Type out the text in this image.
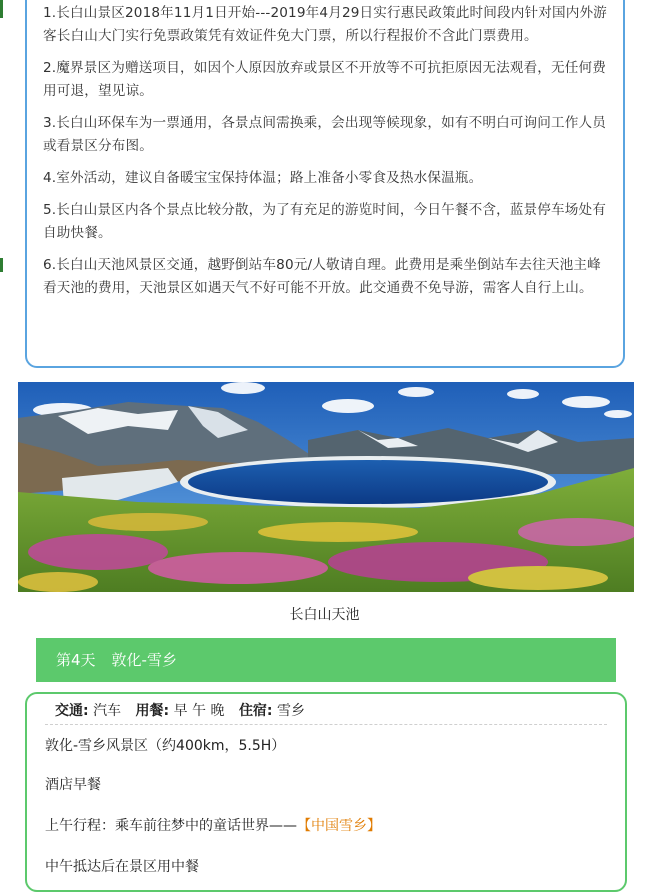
1.长白山景区2018年11月1日开始---2019年4月29日实行惠民政策此时间段内针对国内外游客长白山大门实行免票政策凭有效证件免大门票，所以行程报价不含此门票费用。

2.魔界景区为赠送项目，如因个人原因放弃或景区不开放等不可抗拒原因无法观看，无任何费用可退，望见谅。

3.长白山环保车为一票通用，各景点间需换乘，会出现等候现象，如有不明白可询问工作人员或看景区分布图。

4.室外活动，建议自备暖宝宝保持体温；路上准备小零食及热水保温瓶。

5.长白山景区内各个景点比较分散，为了有充足的游览时间，今日午餐不含，蓝景停车场处有自助快餐。

6.长白山天池风景区交通，越野倒站车80元/人敬请自理。此费用是乘坐倒站车去往天池主峰看天池的费用，天池景区如遇天气不好可能不开放。此交通费不免导游，需客人自行上山。

长白山天池
第4天 敦化-雪乡
交通: 汽车 用餐: 早 午 晚 住宿: 雪乡
敦化-雪乡风景区（约400km，5.5H）
酒店早餐
上午行程：乘车前往梦中的童话世界——【中国雪乡】
中午抵达后在景区用中餐
